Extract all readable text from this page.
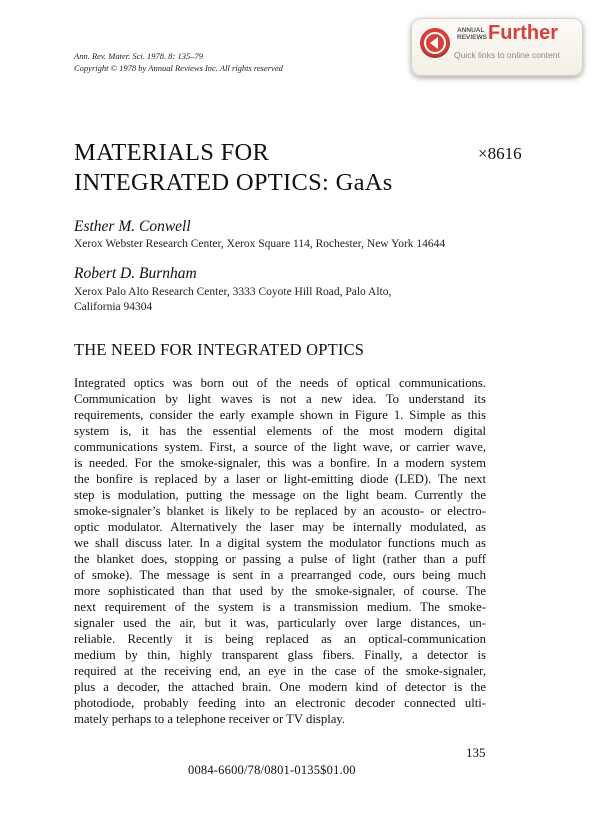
Ann. Rev. Mater. Sci. 1978. 8: 135–79
Copyright © 1978 by Annual Reviews Inc. All rights reserved
ANNUAL
REVIEWS Further
Quick links to online content
MATERIALS FOR
INTEGRATED OPTICS: GaAs
×8616
Esther M. Conwell
Xerox Webster Research Center, Xerox Square 114, Rochester, New York 14644
Robert D. Burnham
Xerox Palo Alto Research Center, 3333 Coyote Hill Road, Palo Alto,
California 94304
THE NEED FOR INTEGRATED OPTICS
Integrated optics was born out of the needs of optical communications.
Communication by light waves is not a new idea. To understand its
requirements, consider the early example shown in Figure 1. Simple as this
system is, it has the essential elements of the most modern digital
communications system. First, a source of the light wave, or carrier wave,
is needed. For the smoke-signaler, this was a bonfire. In a modern system
the bonfire is replaced by a laser or light-emitting diode (LED). The next
step is modulation, putting the message on the light beam. Currently the
smoke-signaler’s blanket is likely to be replaced by an acousto- or electro-
optic modulator. Alternatively the laser may be internally modulated, as
we shall discuss later. In a digital system the modulator functions much as
the blanket does, stopping or passing a pulse of light (rather than a puff
of smoke). The message is sent in a prearranged code, ours being much
more sophisticated than that used by the smoke-signaler, of course. The
next requirement of the system is a transmission medium. The smoke-
signaler used the air, but it was, particularly over large distances, un-
reliable. Recently it is being replaced as an optical-communication
medium by thin, highly transparent glass fibers. Finally, a detector is
required at the receiving end, an eye in the case of the smoke-signaler,
plus a decoder, the attached brain. One modern kind of detector is the
photodiode, probably feeding into an electronic decoder connected ulti-
mately perhaps to a telephone receiver or TV display.
135
0084-6600/78/0801-0135$01.00
